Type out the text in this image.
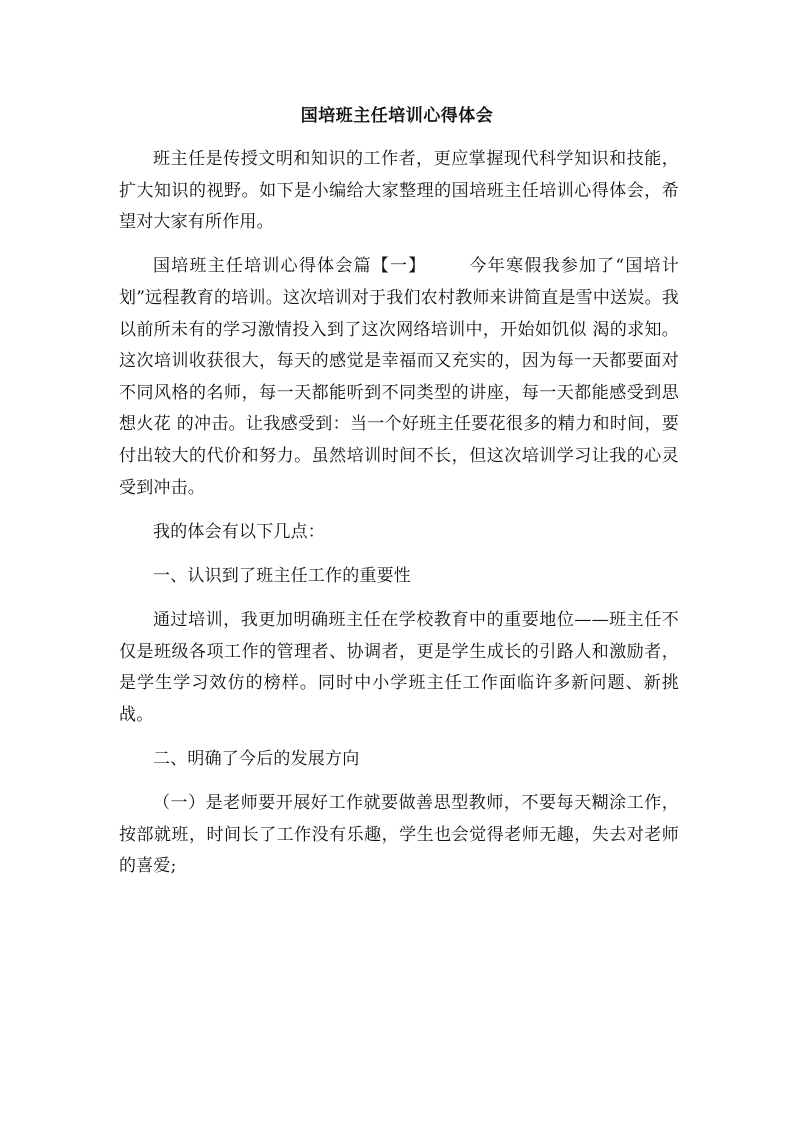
国培班主任培训心得体会

班主任是传授文明和知识的工作者，更应掌握现代科学知识和技能，扩大知识的视野。如下是小编给大家整理的国培班主任培训心得体会，希望对大家有所作用。

国培班主任培训心得体会篇【一】 今年寒假我参加了“国培计划”远程教育的培训。这次培训对于我们农村教师来讲简直是雪中送炭。我以前所未有的学习激情投入到了这次网络培训中，开始如饥似 渴的求知。这次培训收获很大，每天的感觉是幸福而又充实的，因为每一天都要面对不同风格的名师，每一天都能听到不同类型的讲座，每一天都能感受到思想火花 的冲击。让我感受到：当一个好班主任要花很多的精力和时间，要付出较大的代价和努力。虽然培训时间不长，但这次培训学习让我的心灵受到冲击。

我的体会有以下几点：

一、认识到了班主任工作的重要性

通过培训，我更加明确班主任在学校教育中的重要地位——班主任不仅是班级各项工作的管理者、协调者，更是学生成长的引路人和激励者，是学生学习效仿的榜样。同时中小学班主任工作面临许多新问题、新挑战。

二、明确了今后的发展方向

（一）是老师要开展好工作就要做善思型教师，不要每天糊涂工作，按部就班，时间长了工作没有乐趣，学生也会觉得老师无趣，失去对老师的喜爱;
